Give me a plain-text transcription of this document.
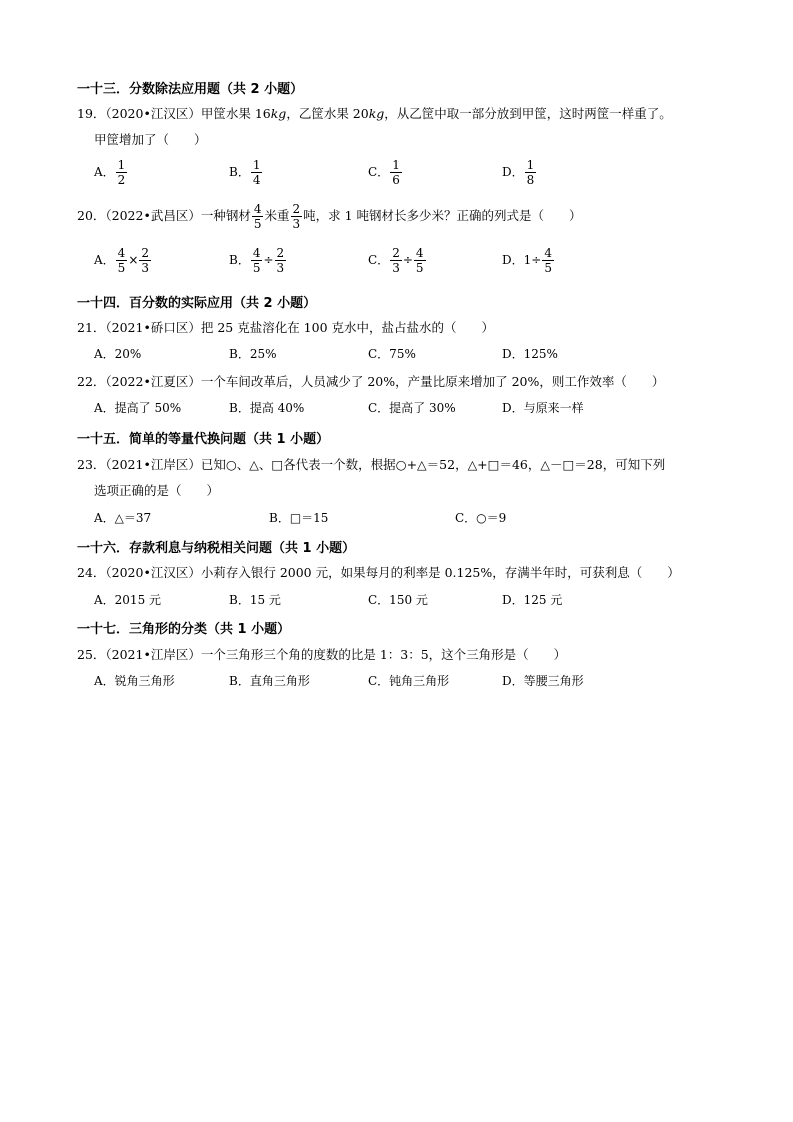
一十三．分数除法应用题（共 2 小题）
19．（2020•江汉区）甲筐水果 16kg，乙筐水果 20kg，从乙筐中取一部分放到甲筐，这时两筐一样重了。
甲筐增加了（　　）
A． $\frac{1}{2}$	B． $\frac{1}{4}$	C． $\frac{1}{6}$	D． $\frac{1}{8}$
20．（2022•武昌区）一种钢材 $\frac{4}{5}$ 米重 $\frac{2}{3}$ 吨，求 1 吨钢材长多少米？正确的列式是（　　）
A． $\frac{4}{5} \times \frac{2}{3}$	B． $\frac{4}{5} \div \frac{2}{3}$	C． $\frac{2}{3} \div \frac{4}{5}$	D．$1\div \frac{4}{5}$
一十四．百分数的实际应用（共 2 小题）
21．（2021•硚口区）把 25 克盐溶化在 100 克水中，盐占盐水的（　　）
A．20%	B．25%	C．75%	D．125%
22．（2022•江夏区）一个车间改革后，人员减少了 20%，产量比原来增加了 20%，则工作效率（　　）
A．提高了 50%	B．提高 40%	C．提高了 30%	D．与原来一样
一十五．简单的等量代换问题（共 1 小题）
23．（2021•江岸区）已知○、△、□各代表一个数，根据○+△＝52，△+□＝46，△－□＝28，可知下列
选项正确的是（　　）
A．△＝37	B．□＝15	C．○＝9
一十六．存款利息与纳税相关问题（共 1 小题）
24．（2020•江汉区）小莉存入银行 2000 元，如果每月的利率是 0.125%，存满半年时，可获利息（　　）
A．2015 元	B．15 元	C．150 元	D．125 元
一十七．三角形的分类（共 1 小题）
25．（2021•江岸区）一个三角形三个角的度数的比是 1：3：5，这个三角形是（　　）
A．锐角三角形	B．直角三角形	C．钝角三角形	D．等腰三角形
